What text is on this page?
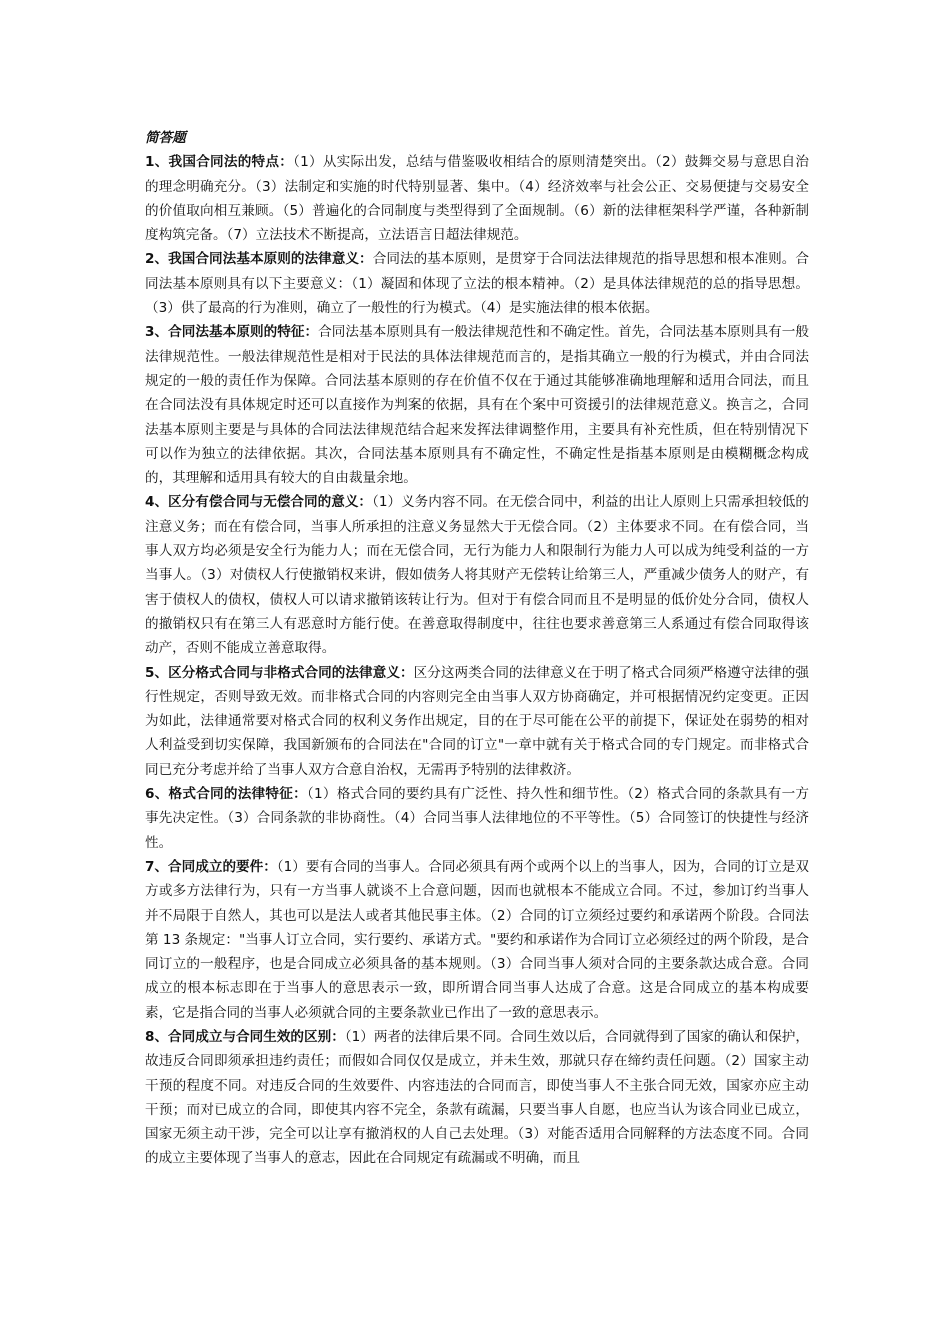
简答题

1、我国合同法的特点：（1）从实际出发，总结与借鉴吸收相结合的原则清楚突出。（2）鼓舞交易与意思自治的理念明确充分。（3）法制定和实施的时代特别显著、集中。（4）经济效率与社会公正、交易便捷与交易安全的价值取向相互兼顾。（5）普遍化的合同制度与类型得到了全面规制。（6）新的法律框架科学严谨，各种新制度构筑完备。（7）立法技术不断提高，立法语言日超法律规范。

2、我国合同法基本原则的法律意义：合同法的基本原则，是贯穿于合同法法律规范的指导思想和根本准则。合同法基本原则具有以下主要意义：（1）凝固和体现了立法的根本精神。（2）是具体法律规范的总的指导思想。（3）供了最高的行为准则，确立了一般性的行为模式。（4）是实施法律的根本依据。

3、合同法基本原则的特征：合同法基本原则具有一般法律规范性和不确定性。首先，合同法基本原则具有一般法律规范性。一般法律规范性是相对于民法的具体法律规范而言的，是指其确立一般的行为模式，并由合同法规定的一般的责任作为保障。合同法基本原则的存在价值不仅在于通过其能够准确地理解和适用合同法，而且在合同法没有具体规定时还可以直接作为判案的依据，具有在个案中可资援引的法律规范意义。换言之，合同法基本原则主要是与具体的合同法法律规范结合起来发挥法律调整作用，主要具有补充性质，但在特别情况下可以作为独立的法律依据。其次，合同法基本原则具有不确定性，不确定性是指基本原则是由模糊概念构成的，其理解和适用具有较大的自由裁量余地。

4、区分有偿合同与无偿合同的意义：（1）义务内容不同。在无偿合同中，利益的出让人原则上只需承担较低的注意义务；而在有偿合同，当事人所承担的注意义务显然大于无偿合同。（2）主体要求不同。在有偿合同，当事人双方均必须是安全行为能力人；而在无偿合同，无行为能力人和限制行为能力人可以成为纯受利益的一方当事人。（3）对债权人行使撤销权来讲，假如债务人将其财产无偿转让给第三人，严重减少债务人的财产，有害于债权人的债权，债权人可以请求撤销该转让行为。但对于有偿合同而且不是明显的低价处分合同，债权人的撤销权只有在第三人有恶意时方能行使。在善意取得制度中，往往也要求善意第三人系通过有偿合同取得该动产，否则不能成立善意取得。

5、区分格式合同与非格式合同的法律意义：区分这两类合同的法律意义在于明了格式合同须严格遵守法律的强行性规定，否则导致无效。而非格式合同的内容则完全由当事人双方协商确定，并可根据情况约定变更。正因为如此，法律通常要对格式合同的权利义务作出规定，目的在于尽可能在公平的前提下，保证处在弱势的相对人利益受到切实保障，我国新颁布的合同法在"合同的订立"一章中就有关于格式合同的专门规定。而非格式合同已充分考虑并给了当事人双方合意自治权，无需再予特别的法律救济。

6、格式合同的法律特征：（1）格式合同的要约具有广泛性、持久性和细节性。（2）格式合同的条款具有一方事先决定性。（3）合同条款的非协商性。（4）合同当事人法律地位的不平等性。（5）合同签订的快捷性与经济性。

7、合同成立的要件：（1）要有合同的当事人。合同必须具有两个或两个以上的当事人，因为，合同的订立是双方或多方法律行为，只有一方当事人就谈不上合意问题，因而也就根本不能成立合同。不过，参加订约当事人并不局限于自然人，其也可以是法人或者其他民事主体。（2）合同的订立须经过要约和承诺两个阶段。合同法第 13 条规定："当事人订立合同，实行要约、承诺方式。"要约和承诺作为合同订立必须经过的两个阶段，是合同订立的一般程序，也是合同成立必须具备的基本规则。（3）合同当事人须对合同的主要条款达成合意。合同成立的根本标志即在于当事人的意思表示一致，即所谓合同当事人达成了合意。这是合同成立的基本构成要素，它是指合同的当事人必须就合同的主要条款业已作出了一致的意思表示。

8、合同成立与合同生效的区别：（1）两者的法律后果不同。合同生效以后，合同就得到了国家的确认和保护，故违反合同即须承担违约责任；而假如合同仅仅是成立，并未生效，那就只存在缔约责任问题。（2）国家主动干预的程度不同。对违反合同的生效要件、内容违法的合同而言，即使当事人不主张合同无效，国家亦应主动干预；而对已成立的合同，即使其内容不完全，条款有疏漏，只要当事人自愿，也应当认为该合同业已成立，国家无须主动干涉，完全可以让享有撤消权的人自己去处理。（3）对能否适用合同解释的方法态度不同。合同的成立主要体现了当事人的意志，因此在合同规定有疏漏或不明确，而且
